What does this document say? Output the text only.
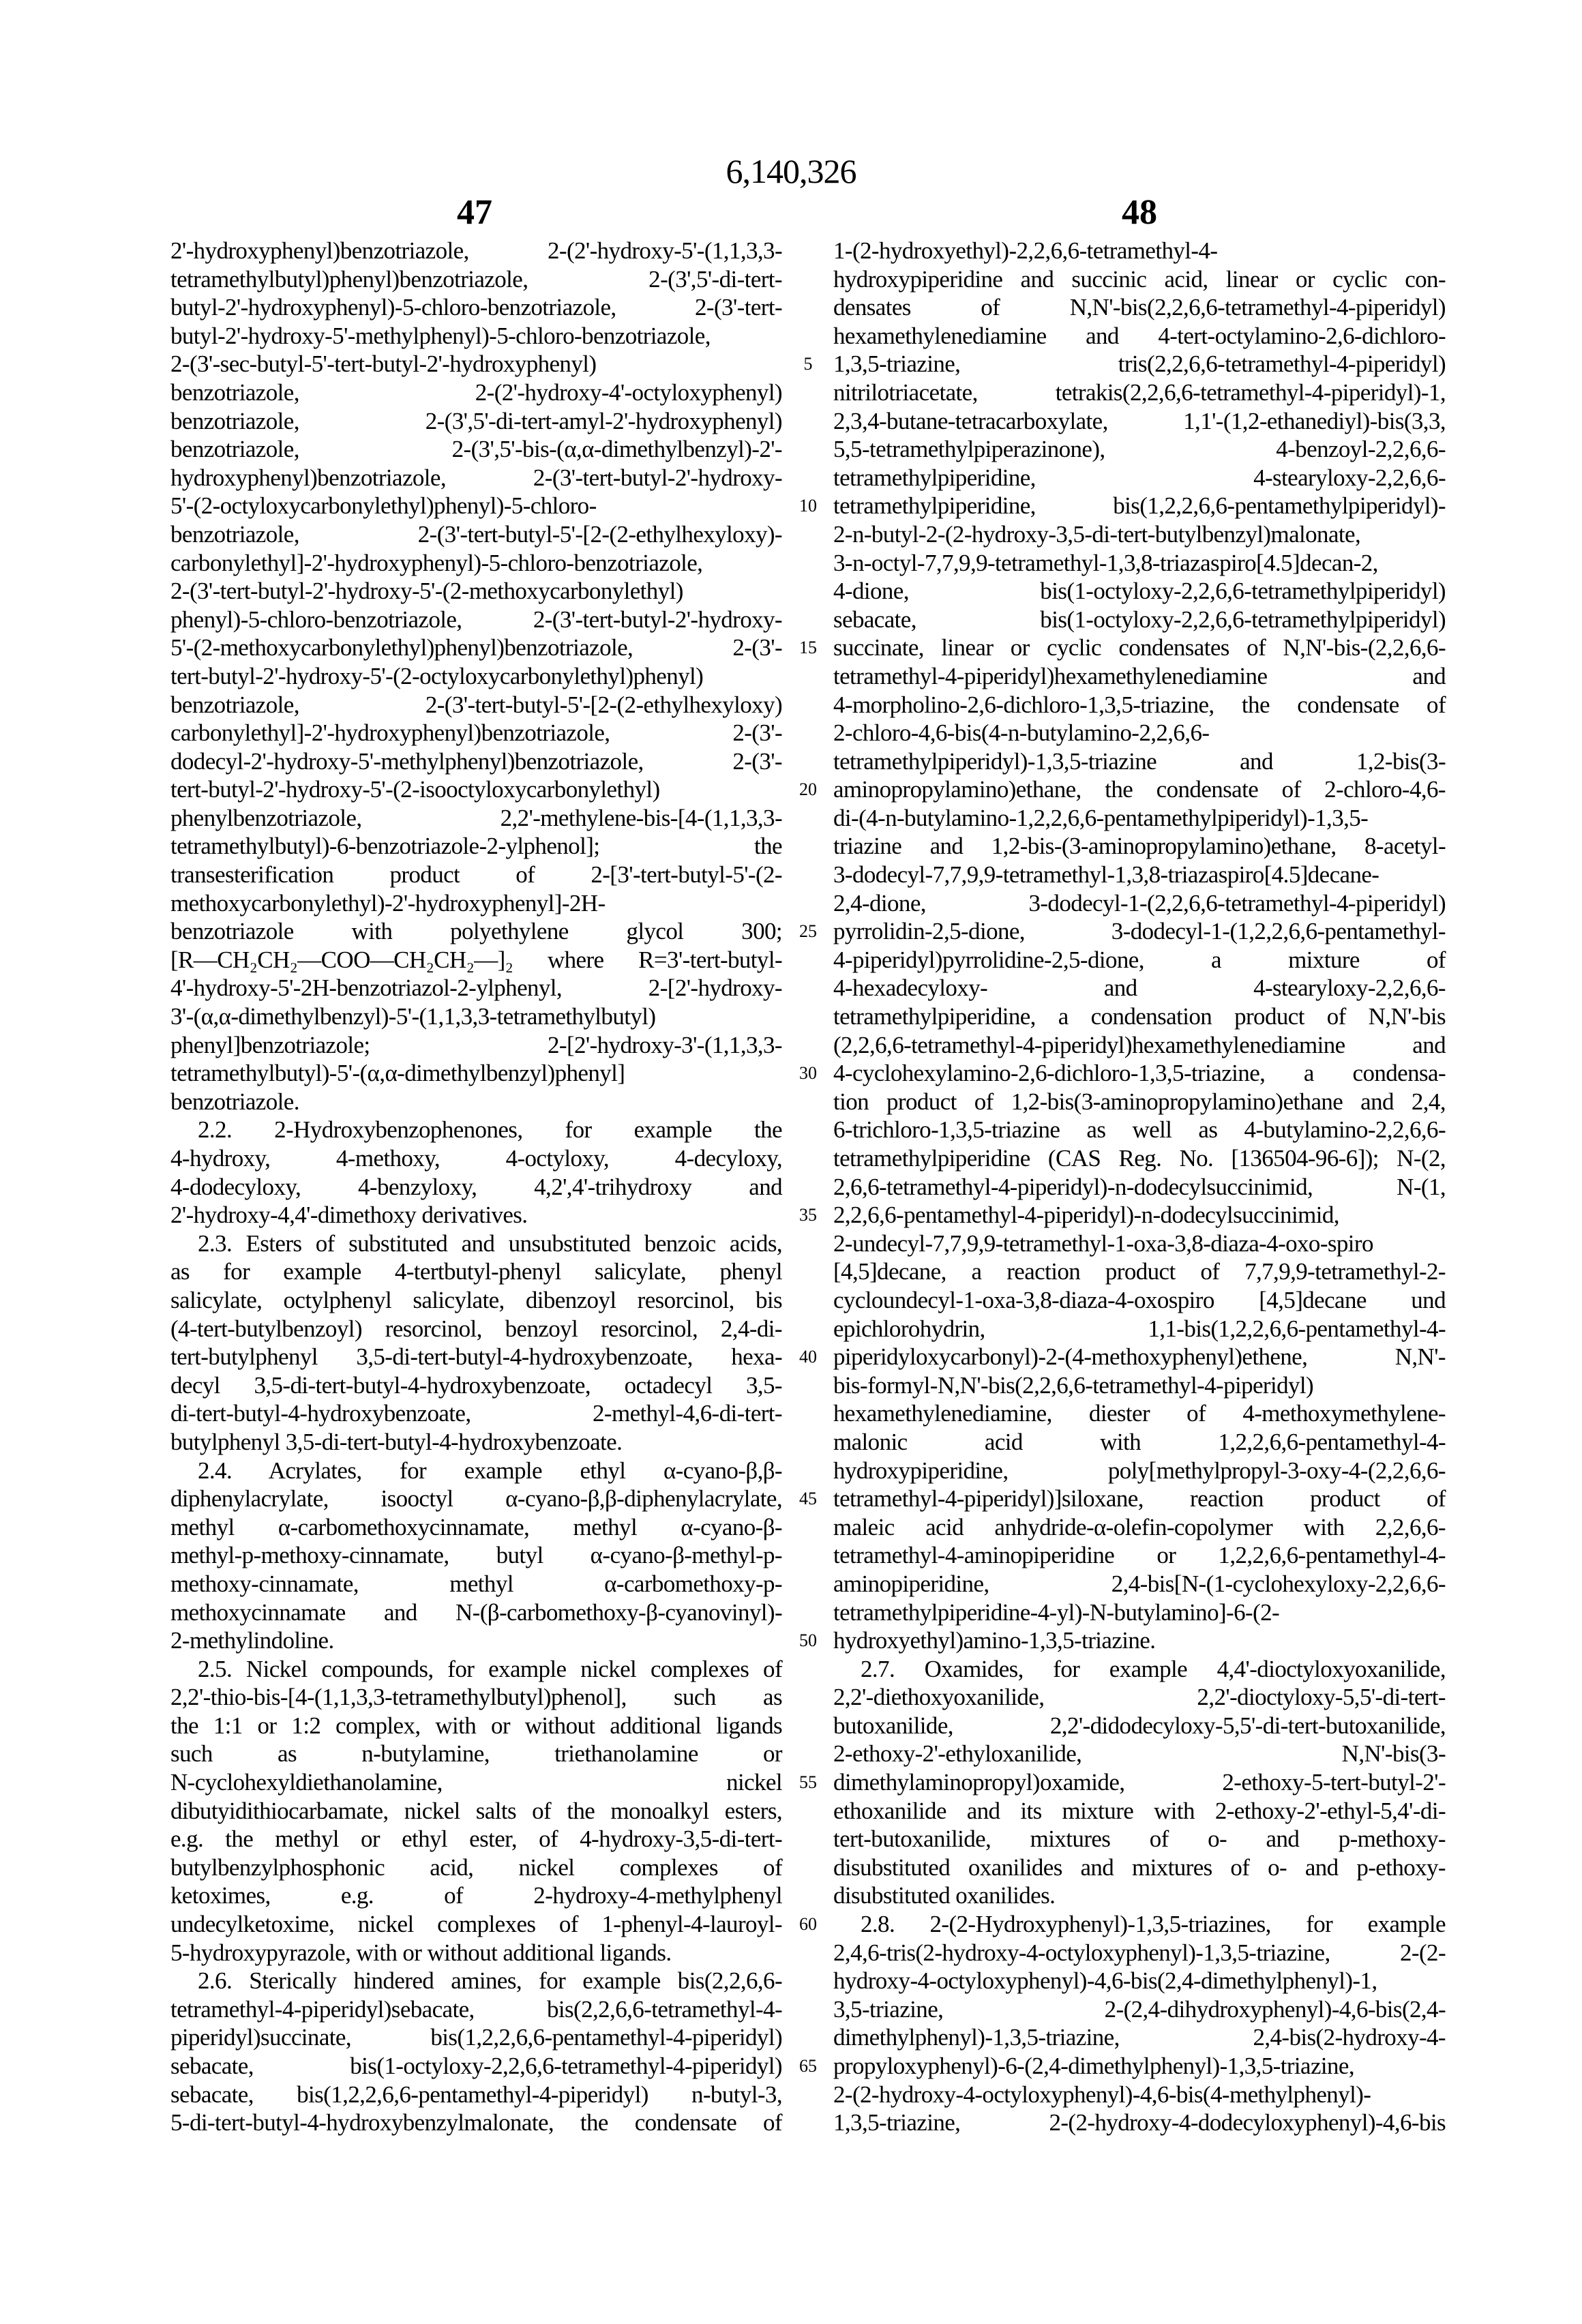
6,140,326
47	48
2'-hydroxyphenyl)benzotriazole, 2-(2'-hydroxy-5'-(1,1,3,3-
tetramethylbutyl)phenyl)benzotriazole, 2-(3',5'-di-tert-
butyl-2'-hydroxyphenyl)-5-chloro-benzotriazole, 2-(3'-tert-
butyl-2'-hydroxy-5'-methylphenyl)-5-chloro-benzotriazole,
2-(3'-sec-butyl-5'-tert-butyl-2'-hydroxyphenyl)
benzotriazole, 2-(2'-hydroxy-4'-octyloxyphenyl)
benzotriazole, 2-(3',5'-di-tert-amyl-2'-hydroxyphenyl)
benzotriazole, 2-(3',5'-bis-(α,α-dimethylbenzyl)-2'-
hydroxyphenyl)benzotriazole, 2-(3'-tert-butyl-2'-hydroxy-
5'-(2-octyloxycarbonylethyl)phenyl)-5-chloro-
benzotriazole, 2-(3'-tert-butyl-5'-[2-(2-ethylhexyloxy)-
carbonylethyl]-2'-hydroxyphenyl)-5-chloro-benzotriazole,
2-(3'-tert-butyl-2'-hydroxy-5'-(2-methoxycarbonylethyl)
phenyl)-5-chloro-benzotriazole, 2-(3'-tert-butyl-2'-hydroxy-
5'-(2-methoxycarbonylethyl)phenyl)benzotriazole, 2-(3'-
tert-butyl-2'-hydroxy-5'-(2-octyloxycarbonylethyl)phenyl)
benzotriazole, 2-(3'-tert-butyl-5'-[2-(2-ethylhexyloxy)
carbonylethyl]-2'-hydroxyphenyl)benzotriazole, 2-(3'-
dodecyl-2'-hydroxy-5'-methylphenyl)benzotriazole, 2-(3'-
tert-butyl-2'-hydroxy-5'-(2-isooctyloxycarbonylethyl)
phenylbenzotriazole, 2,2'-methylene-bis-[4-(1,1,3,3-
tetramethylbutyl)-6-benzotriazole-2-ylphenol]; the
transesterification product of 2-[3'-tert-butyl-5'-(2-
methoxycarbonylethyl)-2'-hydroxyphenyl]-2H-
benzotriazole with polyethylene glycol 300;
[R—CH₂CH₂—COO—CH₂CH₂—]₂ where R=3'-tert-butyl-
4'-hydroxy-5'-2H-benzotriazol-2-ylphenyl, 2-[2'-hydroxy-
3'-(α,α-dimethylbenzyl)-5'-(1,1,3,3-tetramethylbutyl)
phenyl]benzotriazole; 2-[2'-hydroxy-3'-(1,1,3,3-
tetramethylbutyl)-5'-(α,α-dimethylbenzyl)phenyl]
benzotriazole.
2.2. 2-Hydroxybenzophenones, for example the
4-hydroxy, 4-methoxy, 4-octyloxy, 4-decyloxy,
4-dodecyloxy, 4-benzyloxy, 4,2',4'-trihydroxy and
2'-hydroxy-4,4'-dimethoxy derivatives.
2.3. Esters of substituted and unsubstituted benzoic acids,
as for example 4-tertbutyl-phenyl salicylate, phenyl
salicylate, octylphenyl salicylate, dibenzoyl resorcinol, bis
(4-tert-butylbenzoyl) resorcinol, benzoyl resorcinol, 2,4-di-
tert-butylphenyl 3,5-di-tert-butyl-4-hydroxybenzoate, hexa-
decyl 3,5-di-tert-butyl-4-hydroxybenzoate, octadecyl 3,5-
di-tert-butyl-4-hydroxybenzoate, 2-methyl-4,6-di-tert-
butylphenyl 3,5-di-tert-butyl-4-hydroxybenzoate.
2.4. Acrylates, for example ethyl α-cyano-β,β-
diphenylacrylate, isooctyl α-cyano-β,β-diphenylacrylate,
methyl α-carbomethoxycinnamate, methyl α-cyano-β-
methyl-p-methoxy-cinnamate, butyl α-cyano-β-methyl-p-
methoxy-cinnamate, methyl α-carbomethoxy-p-
methoxycinnamate and N-(β-carbomethoxy-β-cyanovinyl)-
2-methylindoline.
2.5. Nickel compounds, for example nickel complexes of
2,2'-thio-bis-[4-(1,1,3,3-tetramethylbutyl)phenol], such as
the 1:1 or 1:2 complex, with or without additional ligands
such as n-butylamine, triethanolamine or
N-cyclohexyldiethanolamine, nickel
dibutyidithiocarbamate, nickel salts of the monoalkyl esters,
e.g. the methyl or ethyl ester, of 4-hydroxy-3,5-di-tert-
butylbenzylphosphonic acid, nickel complexes of
ketoximes, e.g. of 2-hydroxy-4-methylphenyl
undecylketoxime, nickel complexes of 1-phenyl-4-lauroyl-
5-hydroxypyrazole, with or without additional ligands.
2.6. Sterically hindered amines, for example bis(2,2,6,6-
tetramethyl-4-piperidyl)sebacate, bis(2,2,6,6-tetramethyl-4-
piperidyl)succinate, bis(1,2,2,6,6-pentamethyl-4-piperidyl)
sebacate, bis(1-octyloxy-2,2,6,6-tetramethyl-4-piperidyl)
sebacate, bis(1,2,2,6,6-pentamethyl-4-piperidyl) n-butyl-3,
5-di-tert-butyl-4-hydroxybenzylmalonate, the condensate of
5
10
15
20
25
30
35
40
45
50
55
60
65
1-(2-hydroxyethyl)-2,2,6,6-tetramethyl-4-
hydroxypiperidine and succinic acid, linear or cyclic con-
densates of N,N'-bis(2,2,6,6-tetramethyl-4-piperidyl)
hexamethylenediamine and 4-tert-octylamino-2,6-dichloro-
1,3,5-triazine, tris(2,2,6,6-tetramethyl-4-piperidyl)
nitrilotriacetate, tetrakis(2,2,6,6-tetramethyl-4-piperidyl)-1,
2,3,4-butane-tetracarboxylate, 1,1'-(1,2-ethanediyl)-bis(3,3,
5,5-tetramethylpiperazinone), 4-benzoyl-2,2,6,6-
tetramethylpiperidine, 4-stearyloxy-2,2,6,6-
tetramethylpiperidine, bis(1,2,2,6,6-pentamethylpiperidyl)-
2-n-butyl-2-(2-hydroxy-3,5-di-tert-butylbenzyl)malonate,
3-n-octyl-7,7,9,9-tetramethyl-1,3,8-triazaspiro[4.5]decan-2,
4-dione, bis(1-octyloxy-2,2,6,6-tetramethylpiperidyl)
sebacate, bis(1-octyloxy-2,2,6,6-tetramethylpiperidyl)
succinate, linear or cyclic condensates of N,N'-bis-(2,2,6,6-
tetramethyl-4-piperidyl)hexamethylenediamine and
4-morpholino-2,6-dichloro-1,3,5-triazine, the condensate of
2-chloro-4,6-bis(4-n-butylamino-2,2,6,6-
tetramethylpiperidyl)-1,3,5-triazine and 1,2-bis(3-
aminopropylamino)ethane, the condensate of 2-chloro-4,6-
di-(4-n-butylamino-1,2,2,6,6-pentamethylpiperidyl)-1,3,5-
triazine and 1,2-bis-(3-aminopropylamino)ethane, 8-acetyl-
3-dodecyl-7,7,9,9-tetramethyl-1,3,8-triazaspiro[4.5]decane-
2,4-dione, 3-dodecyl-1-(2,2,6,6-tetramethyl-4-piperidyl)
pyrrolidin-2,5-dione, 3-dodecyl-1-(1,2,2,6,6-pentamethyl-
4-piperidyl)pyrrolidine-2,5-dione, a mixture of
4-hexadecyloxy- and 4-stearyloxy-2,2,6,6-
tetramethylpiperidine, a condensation product of N,N'-bis
(2,2,6,6-tetramethyl-4-piperidyl)hexamethylenediamine and
4-cyclohexylamino-2,6-dichloro-1,3,5-triazine, a condensa-
tion product of 1,2-bis(3-aminopropylamino)ethane and 2,4,
6-trichloro-1,3,5-triazine as well as 4-butylamino-2,2,6,6-
tetramethylpiperidine (CAS Reg. No. [136504-96-6]); N-(2,
2,6,6-tetramethyl-4-piperidyl)-n-dodecylsuccinimid, N-(1,
2,2,6,6-pentamethyl-4-piperidyl)-n-dodecylsuccinimid,
2-undecyl-7,7,9,9-tetramethyl-1-oxa-3,8-diaza-4-oxo-spiro
[4,5]decane, a reaction product of 7,7,9,9-tetramethyl-2-
cycloundecyl-1-oxa-3,8-diaza-4-oxospiro [4,5]decane und
epichlorohydrin, 1,1-bis(1,2,2,6,6-pentamethyl-4-
piperidyloxycarbonyl)-2-(4-methoxyphenyl)ethene, N,N'-
bis-formyl-N,N'-bis(2,2,6,6-tetramethyl-4-piperidyl)
hexamethylenediamine, diester of 4-methoxymethylene-
malonic acid with 1,2,2,6,6-pentamethyl-4-
hydroxypiperidine, poly[methylpropyl-3-oxy-4-(2,2,6,6-
tetramethyl-4-piperidyl)]siloxane, reaction product of
maleic acid anhydride-α-olefin-copolymer with 2,2,6,6-
tetramethyl-4-aminopiperidine or 1,2,2,6,6-pentamethyl-4-
aminopiperidine, 2,4-bis[N-(1-cyclohexyloxy-2,2,6,6-
tetramethylpiperidine-4-yl)-N-butylamino]-6-(2-
hydroxyethyl)amino-1,3,5-triazine.
2.7. Oxamides, for example 4,4'-dioctyloxyoxanilide,
2,2'-diethoxyoxanilide, 2,2'-dioctyloxy-5,5'-di-tert-
butoxanilide, 2,2'-didodecyloxy-5,5'-di-tert-butoxanilide,
2-ethoxy-2'-ethyloxanilide, N,N'-bis(3-
dimethylaminopropyl)oxamide, 2-ethoxy-5-tert-butyl-2'-
ethoxanilide and its mixture with 2-ethoxy-2'-ethyl-5,4'-di-
tert-butoxanilide, mixtures of o- and p-methoxy-
disubstituted oxanilides and mixtures of o- and p-ethoxy-
disubstituted oxanilides.
2.8. 2-(2-Hydroxyphenyl)-1,3,5-triazines, for example
2,4,6-tris(2-hydroxy-4-octyloxyphenyl)-1,3,5-triazine, 2-(2-
hydroxy-4-octyloxyphenyl)-4,6-bis(2,4-dimethylphenyl)-1,
3,5-triazine, 2-(2,4-dihydroxyphenyl)-4,6-bis(2,4-
dimethylphenyl)-1,3,5-triazine, 2,4-bis(2-hydroxy-4-
propyloxyphenyl)-6-(2,4-dimethylphenyl)-1,3,5-triazine,
2-(2-hydroxy-4-octyloxyphenyl)-4,6-bis(4-methylphenyl)-
1,3,5-triazine, 2-(2-hydroxy-4-dodecyloxyphenyl)-4,6-bis
